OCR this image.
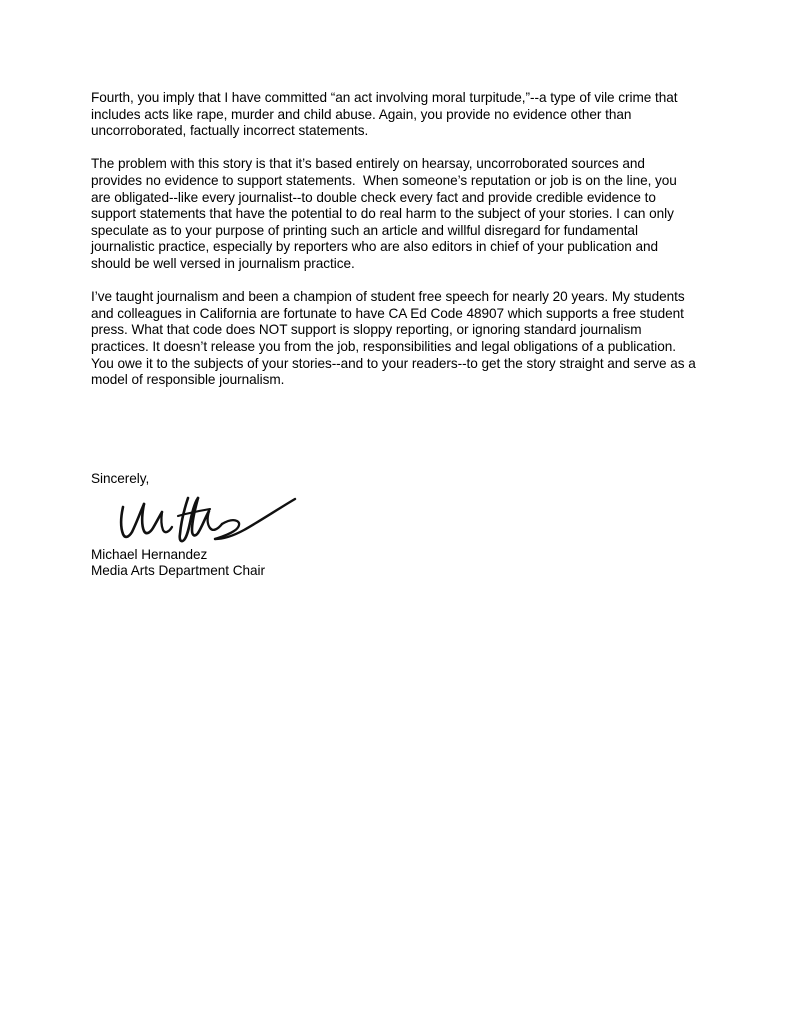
Fourth, you imply that I have committed “an act involving moral turpitude,”--a type of vile crime that includes acts like rape, murder and child abuse. Again, you provide no evidence other than uncorroborated, factually incorrect statements.

The problem with this story is that it’s based entirely on hearsay, uncorroborated sources and provides no evidence to support statements.  When someone’s reputation or job is on the line, you are obligated--like every journalist--to double check every fact and provide credible evidence to support statements that have the potential to do real harm to the subject of your stories. I can only speculate as to your purpose of printing such an article and willful disregard for fundamental journalistic practice, especially by reporters who are also editors in chief of your publication and should be well versed in journalism practice.

I’ve taught journalism and been a champion of student free speech for nearly 20 years. My students and colleagues in California are fortunate to have CA Ed Code 48907 which supports a free student press. What that code does NOT support is sloppy reporting, or ignoring standard journalism practices. It doesn’t release you from the job, responsibilities and legal obligations of a publication.  You owe it to the subjects of your stories--and to your readers--to get the story straight and serve as a model of responsible journalism.

Sincerely,

Michael Hernandez

Media Arts Department Chair
